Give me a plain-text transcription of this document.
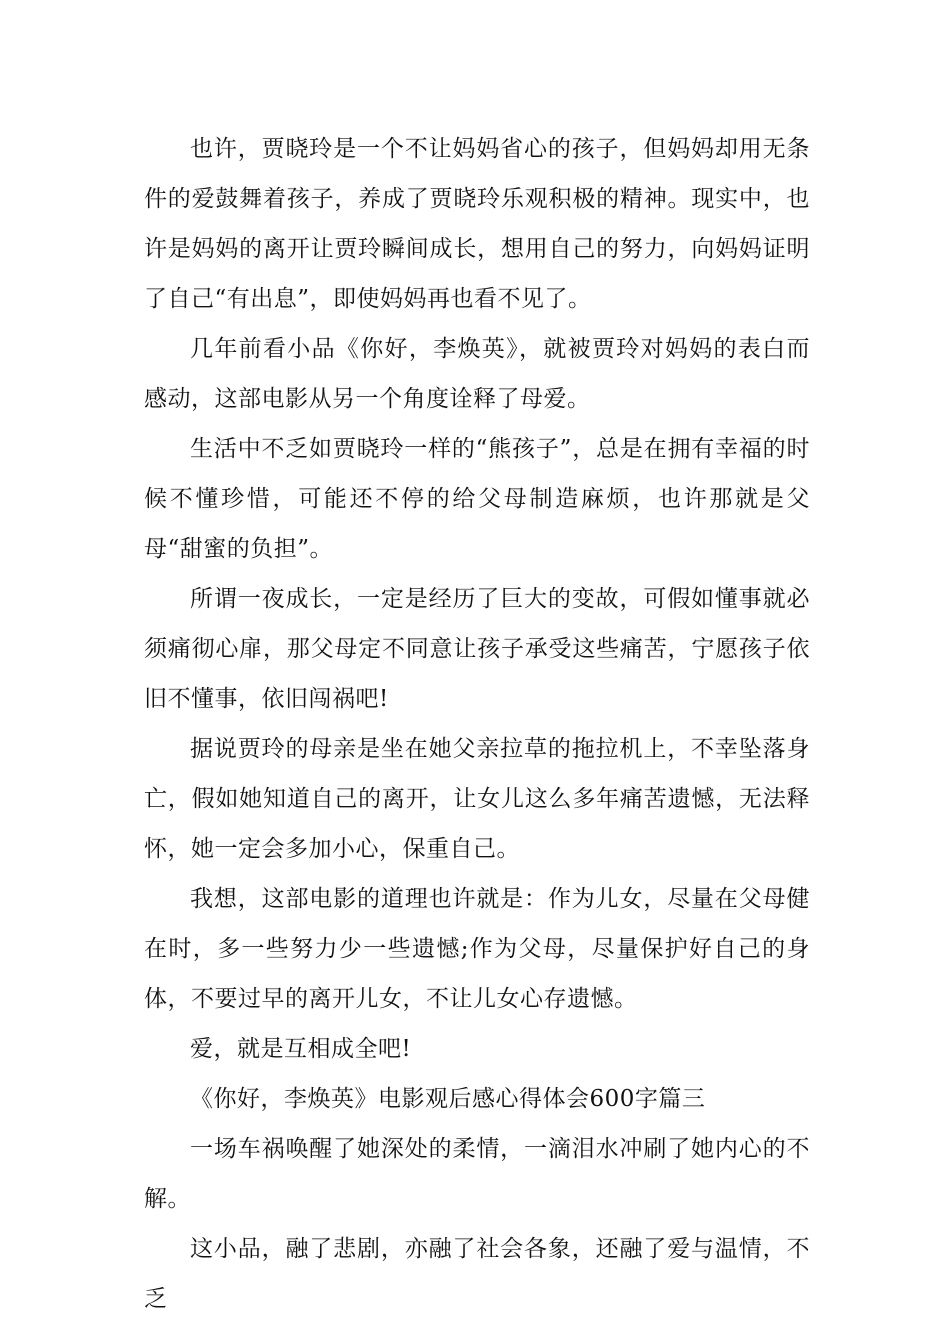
也许，贾晓玲是一个不让妈妈省心的孩子，但妈妈却用无条件的爱鼓舞着孩子，养成了贾晓玲乐观积极的精神。现实中，也许是妈妈的离开让贾玲瞬间成长，想用自己的努力，向妈妈证明了自己“有出息”，即使妈妈再也看不见了。

几年前看小品《你好，李焕英》，就被贾玲对妈妈的表白而感动，这部电影从另一个角度诠释了母爱。

生活中不乏如贾晓玲一样的“熊孩子”，总是在拥有幸福的时候不懂珍惜，可能还不停的给父母制造麻烦，也许那就是父母“甜蜜的负担”。

所谓一夜成长，一定是经历了巨大的变故，可假如懂事就必须痛彻心扉，那父母定不同意让孩子承受这些痛苦，宁愿孩子依旧不懂事，依旧闯祸吧!

据说贾玲的母亲是坐在她父亲拉草的拖拉机上，不幸坠落身亡，假如她知道自己的离开，让女儿这么多年痛苦遗憾，无法释怀，她一定会多加小心，保重自己。

我想，这部电影的道理也许就是：作为儿女，尽量在父母健在时，多一些努力少一些遗憾;作为父母，尽量保护好自己的身体，不要过早的离开儿女，不让儿女心存遗憾。

爱，就是互相成全吧!

《你好，李焕英》电影观后感心得体会600字篇三

一场车祸唤醒了她深处的柔情，一滴泪水冲刷了她内心的不解。

这小品，融了悲剧，亦融了社会各象，还融了爱与温情，不乏
